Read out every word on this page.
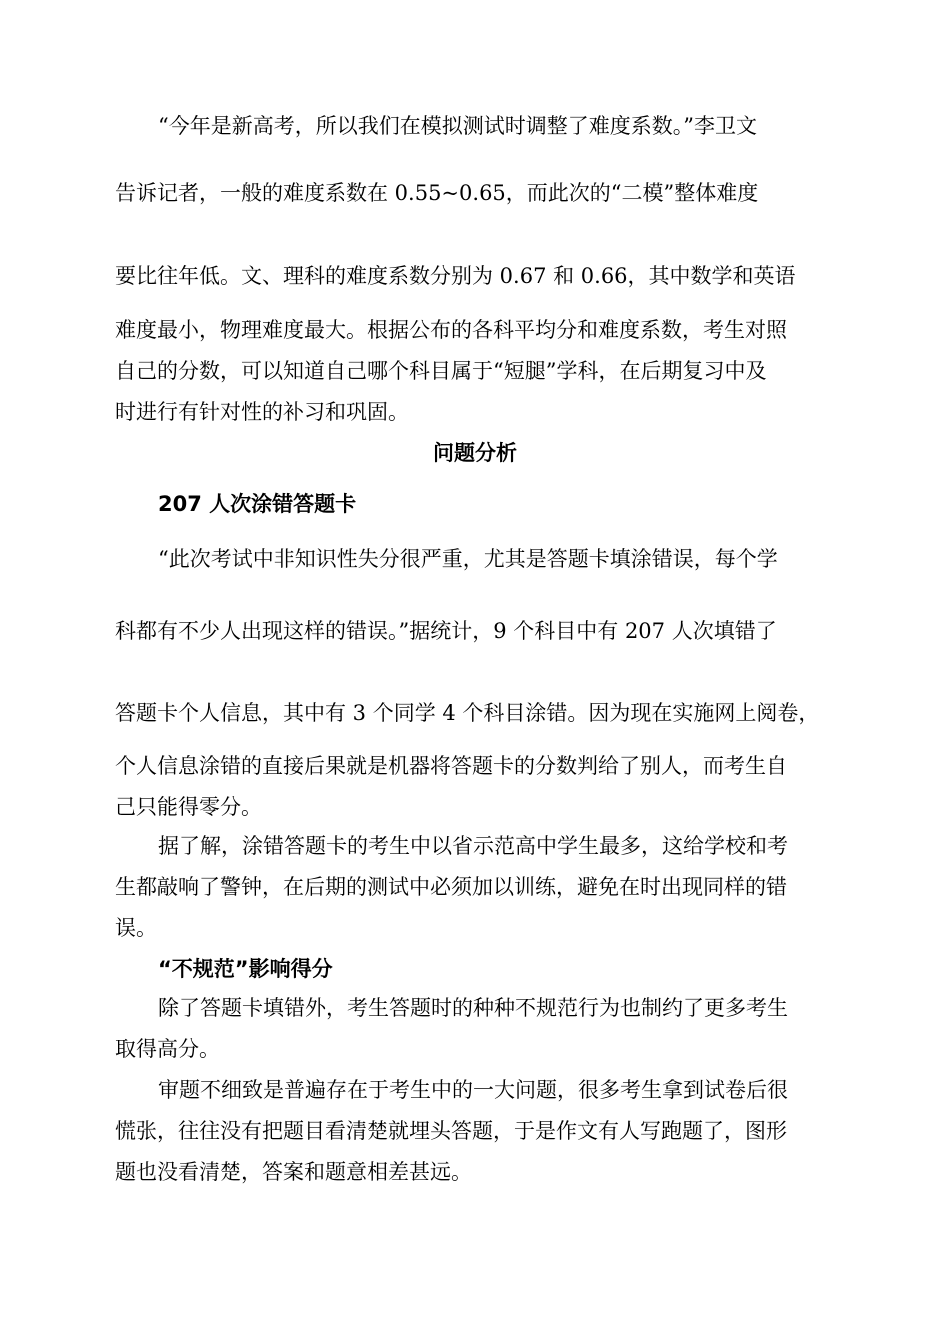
“今年是新高考，所以我们在模拟测试时调整了难度系数。”李卫文
告诉记者，一般的难度系数在 0.55~0.65，而此次的“二模”整体难度
要比往年低。文、理科的难度系数分别为 0.67 和 0.66，其中数学和英语
难度最小，物理难度最大。根据公布的各科平均分和难度系数，考生对照
自己的分数，可以知道自己哪个科目属于“短腿”学科，在后期复习中及
时进行有针对性的补习和巩固。
问题分析
207 人次涂错答题卡
“此次考试中非知识性失分很严重，尤其是答题卡填涂错误，每个学
科都有不少人出现这样的错误。”据统计，9 个科目中有 207 人次填错了
答题卡个人信息，其中有 3 个同学 4 个科目涂错。因为现在实施网上阅卷，
个人信息涂错的直接后果就是机器将答题卡的分数判给了别人，而考生自
己只能得零分。
据了解，涂错答题卡的考生中以省示范高中学生最多，这给学校和考
生都敲响了警钟，在后期的测试中必须加以训练，避免在时出现同样的错
误。
“不规范”影响得分
除了答题卡填错外，考生答题时的种种不规范行为也制约了更多考生
取得高分。
审题不细致是普遍存在于考生中的一大问题，很多考生拿到试卷后很
慌张，往往没有把题目看清楚就埋头答题，于是作文有人写跑题了，图形
题也没看清楚，答案和题意相差甚远。
